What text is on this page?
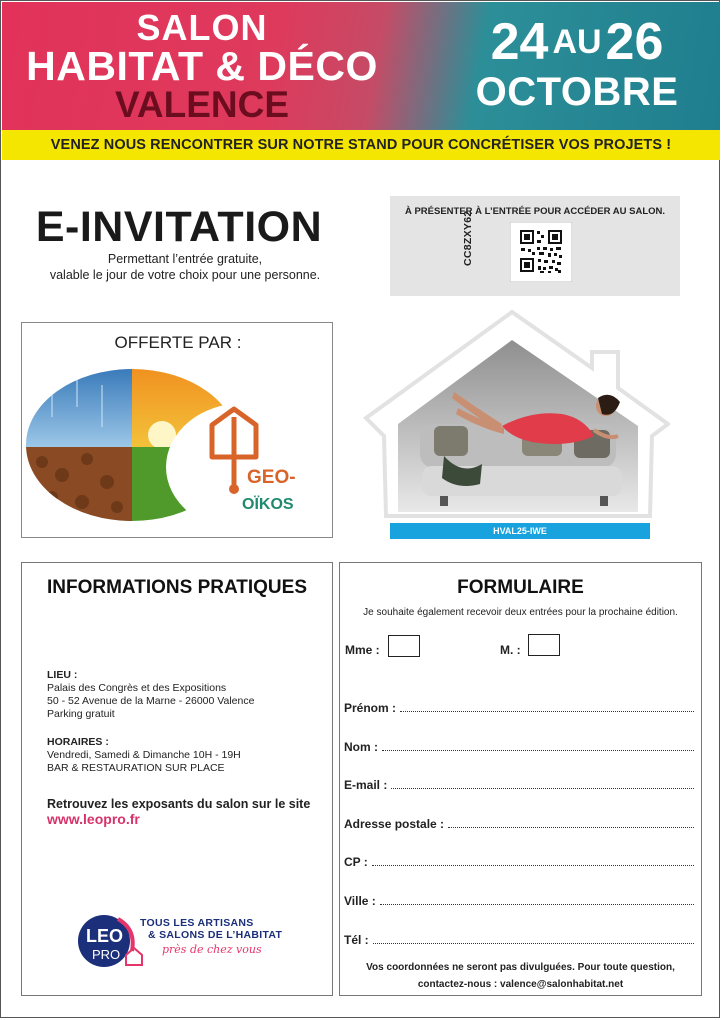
SALON
HABITAT & DÉCO
VALENCE
24 AU26
OCTOBRE
VENEZ NOUS RENCONTRER SUR NOTRE STAND POUR CONCRÉTISER VOS PROJETS !
E-INVITATION
Permettant l’entrée gratuite,
valable le jour de votre choix pour une personne.
À PRÉSENTER À L’ENTRÉE POUR ACCÉDER AU SALON.
CC8ZXY62
OFFERTE PAR :
GEO-
OÏKOS
HVAL25-IWE
INFORMATIONS PRATIQUES
LIEU :
Palais des Congrès et des Expositions
50 - 52 Avenue de la Marne - 26000 Valence
Parking gratuit
HORAIRES :
Vendredi, Samedi & Dimanche 10H - 19H
BAR & RESTAURATION SUR PLACE
Retrouvez les exposants du salon sur le site
www.leopro.fr
LEO
PRO
TOUS LES ARTISANS
& SALONS DE L’HABITAT
près de chez vous
FORMULAIRE
Je souhaite également recevoir deux entrées pour la prochaine édition.
Mme :	M. :
Prénom :
Nom :
E-mail :
Adresse postale :
CP :
Ville :
Tél :
Vos coordonnées ne seront pas divulguées. Pour toute question,
contactez-nous : valence@salonhabitat.net
